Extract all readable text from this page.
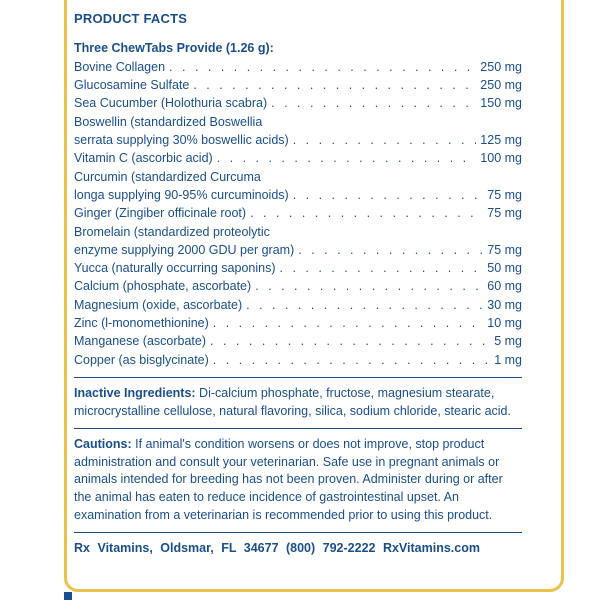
PRODUCT FACTS
Three ChewTabs Provide (1.26 g):
Bovine Collagen . . .	250 mg
Glucosamine Sulfate . . .	250 mg
Sea Cucumber (Holothuria scabra) . . .	150 mg
Boswellin (standardized Boswellia
serrata supplying 30% boswellic acids) . . .	125 mg
Vitamin C (ascorbic acid) . . .	100 mg
Curcumin (standardized Curcuma
longa supplying 90-95% curcuminoids) . . .	75 mg
Ginger (Zingiber officinale root) . . .	75 mg
Bromelain (standardized proteolytic
enzyme supplying 2000 GDU per gram) . . .	75 mg
Yucca (naturally occurring saponins) . . .	50 mg
Calcium (phosphate, ascorbate) . . .	60 mg
Magnesium (oxide, ascorbate) . . .	30 mg
Zinc (l-monomethionine) . . .	10 mg
Manganese (ascorbate) . . .	5 mg
Copper (as bisglycinate) . . .	1 mg
Inactive Ingredients: Di-calcium phosphate, fructose, magnesium stearate, microcrystalline cellulose, natural flavoring, silica, sodium chloride, stearic acid.
Cautions: If animal's condition worsens or does not improve, stop product administration and consult your veterinarian. Safe use in pregnant animals or animals intended for breeding has not been proven. Administer during or after the animal has eaten to reduce incidence of gastrointestinal upset. An examination from a veterinarian is recommended prior to using this product.
Rx Vitamins, Oldsmar, FL 34677 (800) 792-2222 RxVitamins.com
